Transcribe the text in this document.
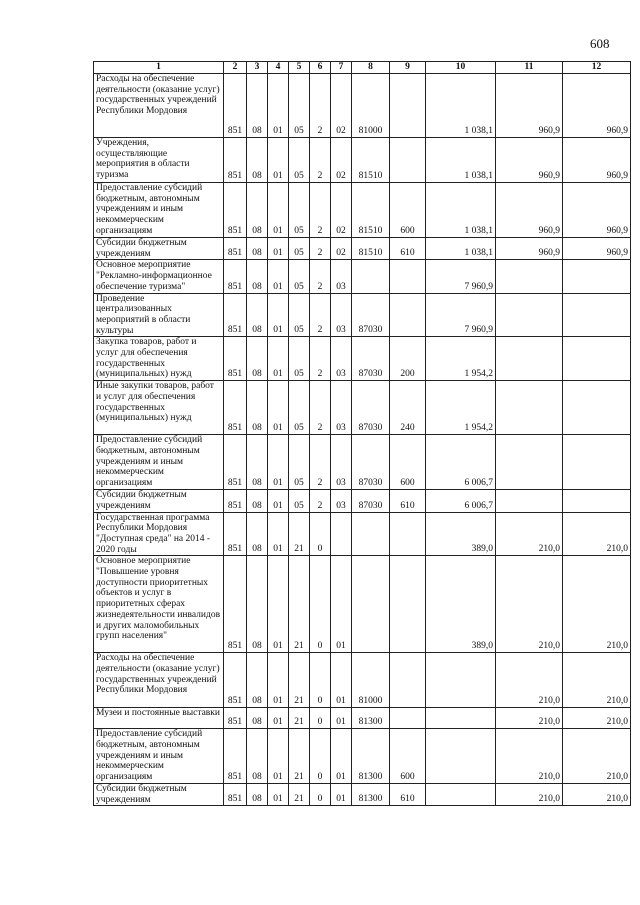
608
1	2	3	4	5	6	7	8	9	10	11	12
Расходы на обеспечение деятельности (оказание услуг) государственных учреждений Республики Мордовия	851	08	01	05	2	02	81000		1 038,1	960,9	960,9
Учреждения, осуществляющие мероприятия в области туризма	851	08	01	05	2	02	81510		1 038,1	960,9	960,9
Предоставление субсидий бюджетным, автономным учреждениям и иным некоммерческим организациям	851	08	01	05	2	02	81510	600	1 038,1	960,9	960,9
Субсидии бюджетным учреждениям	851	08	01	05	2	02	81510	610	1 038,1	960,9	960,9
Основное мероприятие "Рекламно-информационное обеспечение туризма"	851	08	01	05	2	03			7 960,9		
Проведение централизованных мероприятий в области культуры	851	08	01	05	2	03	87030		7 960,9		
Закупка товаров, работ и услуг для обеспечения государственных (муниципальных) нужд	851	08	01	05	2	03	87030	200	1 954,2		
Иные закупки товаров, работ и услуг для обеспечения государственных (муниципальных) нужд	851	08	01	05	2	03	87030	240	1 954,2		
Предоставление субсидий бюджетным, автономным учреждениям и иным некоммерческим организациям	851	08	01	05	2	03	87030	600	6 006,7		
Субсидии бюджетным учреждениям	851	08	01	05	2	03	87030	610	6 006,7		
Государственная программа Республики Мордовия "Доступная среда" на 2014 - 2020 годы	851	08	01	21	0				389,0	210,0	210,0
Основное мероприятие "Повышение уровня доступности приоритетных объектов и услуг в приоритетных сферах жизнедеятельности инвалидов и других маломобильных групп населения"	851	08	01	21	0	01			389,0	210,0	210,0
Расходы на обеспечение деятельности (оказание услуг) государственных учреждений Республики Мордовия	851	08	01	21	0	01	81000			210,0	210,0
Музеи и постоянные выставки	851	08	01	21	0	01	81300			210,0	210,0
Предоставление субсидий бюджетным, автономным учреждениям и иным некоммерческим организациям	851	08	01	21	0	01	81300	600		210,0	210,0
Субсидии бюджетным учреждениям	851	08	01	21	0	01	81300	610		210,0	210,0
